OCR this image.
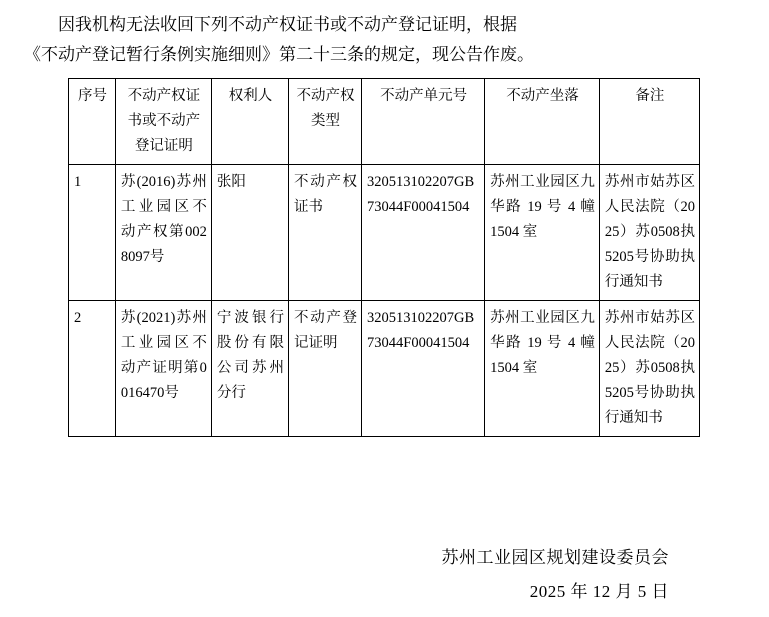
因我机构无法收回下列不动产权证书或不动产登记证明，根据
《不动产登记暂行条例实施细则》第二十三条的规定，现公告作废。

序号	不动产权证书或不动产登记证明	权利人	不动产权类型	不动产单元号	不动产坐落	备注
1	苏(2016)苏州工业园区不动产权第0028097号	张阳	不动产权证书	320513102207GB73044F00041504	苏州工业园区九华路 19 号 4 幢 1504 室	苏州市姑苏区人民法院（2025）苏0508执5205号协助执行通知书
2	苏(2021)苏州工业园区不动产证明第0016470号	宁波银行股份有限公司苏州分行	不动产登记证明	320513102207GB73044F00041504	苏州工业园区九华路 19 号 4 幢 1504 室	苏州市姑苏区人民法院（2025）苏0508执5205号协助执行通知书
苏州工业园区规划建设委员会
2025 年 12 月 5 日
